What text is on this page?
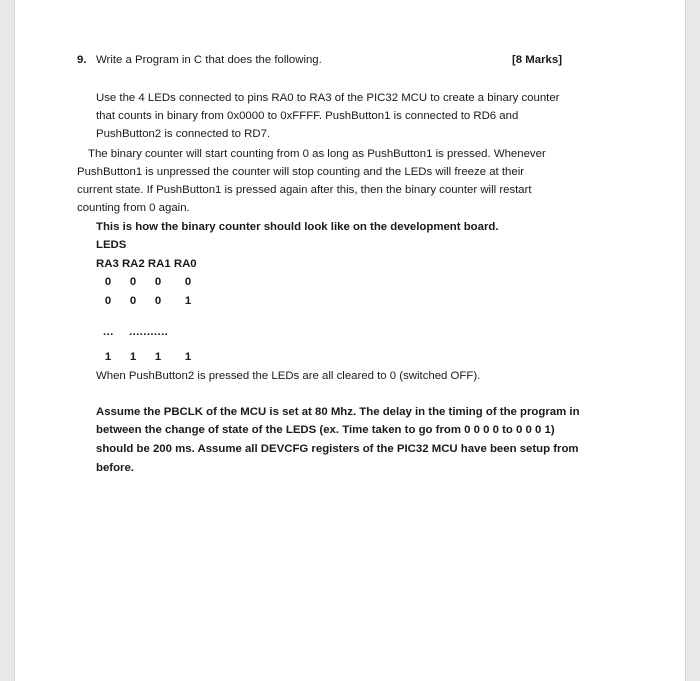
9. Write a Program in C that does the following.	[8 Marks]
Use the 4 LEDs connected to pins RA0 to RA3 of the PIC32 MCU to create a binary counter
that counts in binary from 0x0000 to 0xFFFF. PushButton1 is connected to RD6 and
PushButton2 is connected to RD7.
The binary counter will start counting from 0 as long as PushButton1 is pressed. Whenever
PushButton1 is unpressed the counter will stop counting and the LEDs will freeze at their
current state. If PushButton1 is pressed again after this, then the binary counter will restart
counting from 0 again.
This is how the binary counter should look like on the development board.
LEDS
RA3 RA2 RA1 RA0
0 0 0 0
0 0 0 1
... ...........
1 1 1 1
When PushButton2 is pressed the LEDs are all cleared to 0 (switched OFF).
Assume the PBCLK of the MCU is set at 80 Mhz. The delay in the timing of the program in
between the change of state of the LEDS (ex. Time taken to go from 0 0 0 0 to 0 0 0 1)
should be 200 ms. Assume all DEVCFG registers of the PIC32 MCU have been setup from
before.
